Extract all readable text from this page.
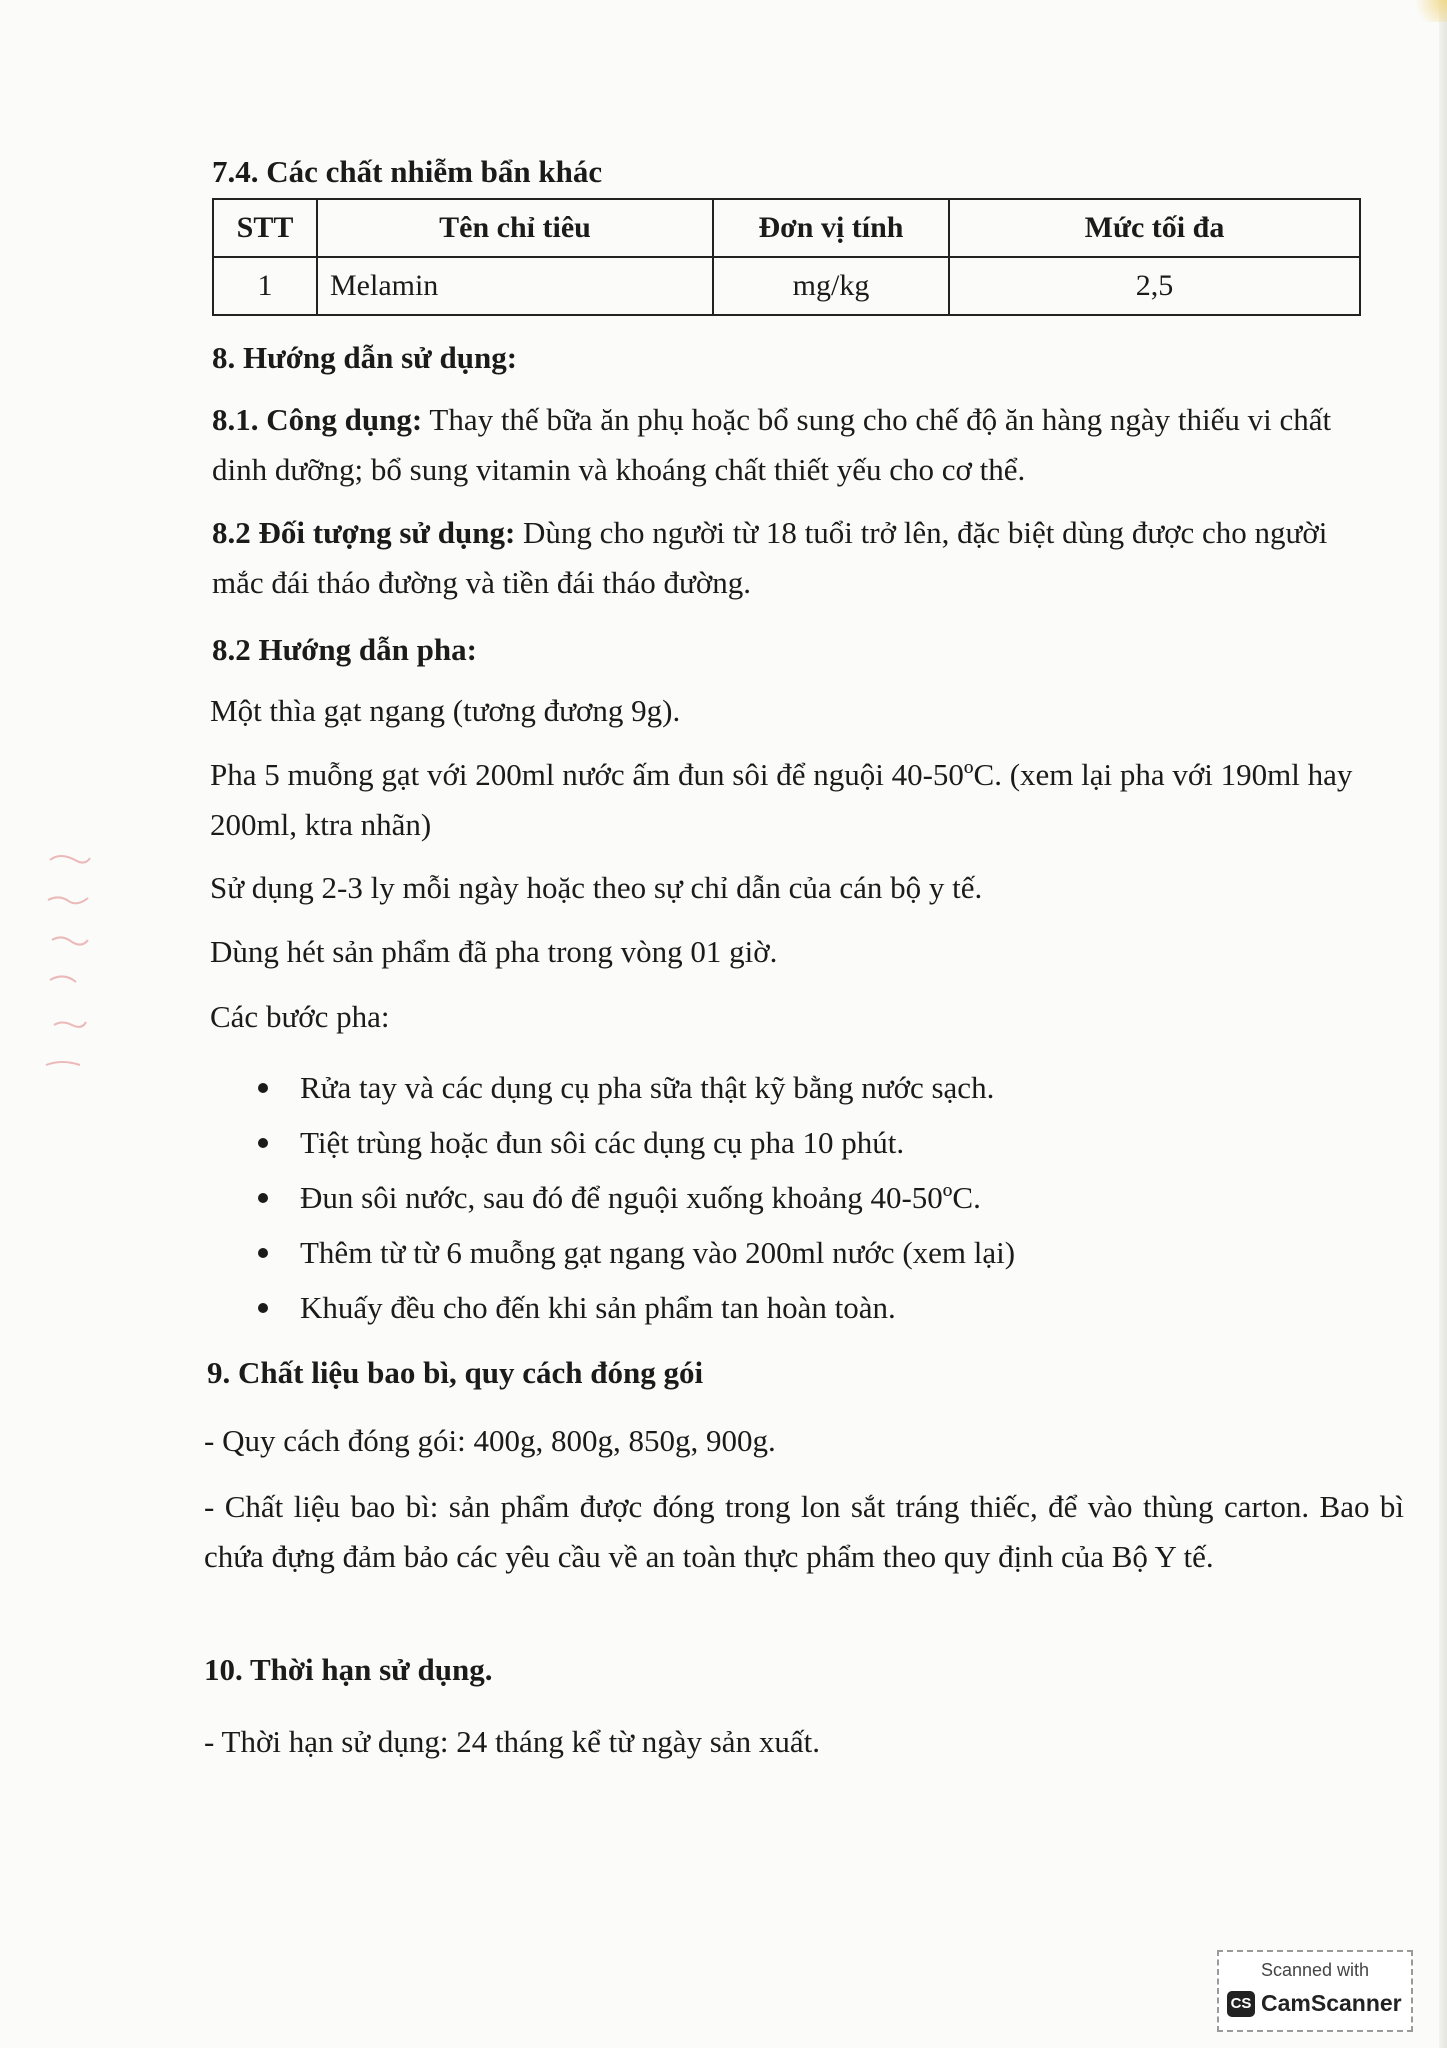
7.4. Các chất nhiễm bẩn khác
STT	Tên chỉ tiêu	Đơn vị tính	Mức tối đa
1	Melamin	mg/kg	2,5
8. Hướng dẫn sử dụng:

8.1. Công dụng: Thay thế bữa ăn phụ hoặc bổ sung cho chế độ ăn hàng ngày thiếu vi chất dinh dưỡng; bổ sung vitamin và khoáng chất thiết yếu cho cơ thể.

8.2 Đối tượng sử dụng: Dùng cho người từ 18 tuổi trở lên, đặc biệt dùng được cho người mắc đái tháo đường và tiền đái tháo đường.

8.2 Hướng dẫn pha:

Một thìa gạt ngang (tương đương 9g).

Pha 5 muỗng gạt với 200ml nước ấm đun sôi để nguội 40-50ºC. (xem lại pha với 190ml hay 200ml, ktra nhãn)

Sử dụng 2-3 ly mỗi ngày hoặc theo sự chỉ dẫn của cán bộ y tế.

Dùng hét sản phẩm đã pha trong vòng 01 giờ.

Các bước pha:

Rửa tay và các dụng cụ pha sữa thật kỹ bằng nước sạch.
Tiệt trùng hoặc đun sôi các dụng cụ pha 10 phút.
Đun sôi nước, sau đó để nguội xuống khoảng 40-50ºC.
Thêm từ từ 6 muỗng gạt ngang vào 200ml nước (xem lại)
Khuấy đều cho đến khi sản phẩm tan hoàn toàn.
9. Chất liệu bao bì, quy cách đóng gói

- Quy cách đóng gói: 400g, 800g, 850g, 900g.

- Chất liệu bao bì: sản phẩm được đóng trong lon sắt tráng thiếc, để vào thùng carton. Bao bì chứa đựng đảm bảo các yêu cầu về an toàn thực phẩm theo quy định của Bộ Y tế.

10. Thời hạn sử dụng.

- Thời hạn sử dụng: 24 tháng kể từ ngày sản xuất.

Scanned with
CS CamScanner
